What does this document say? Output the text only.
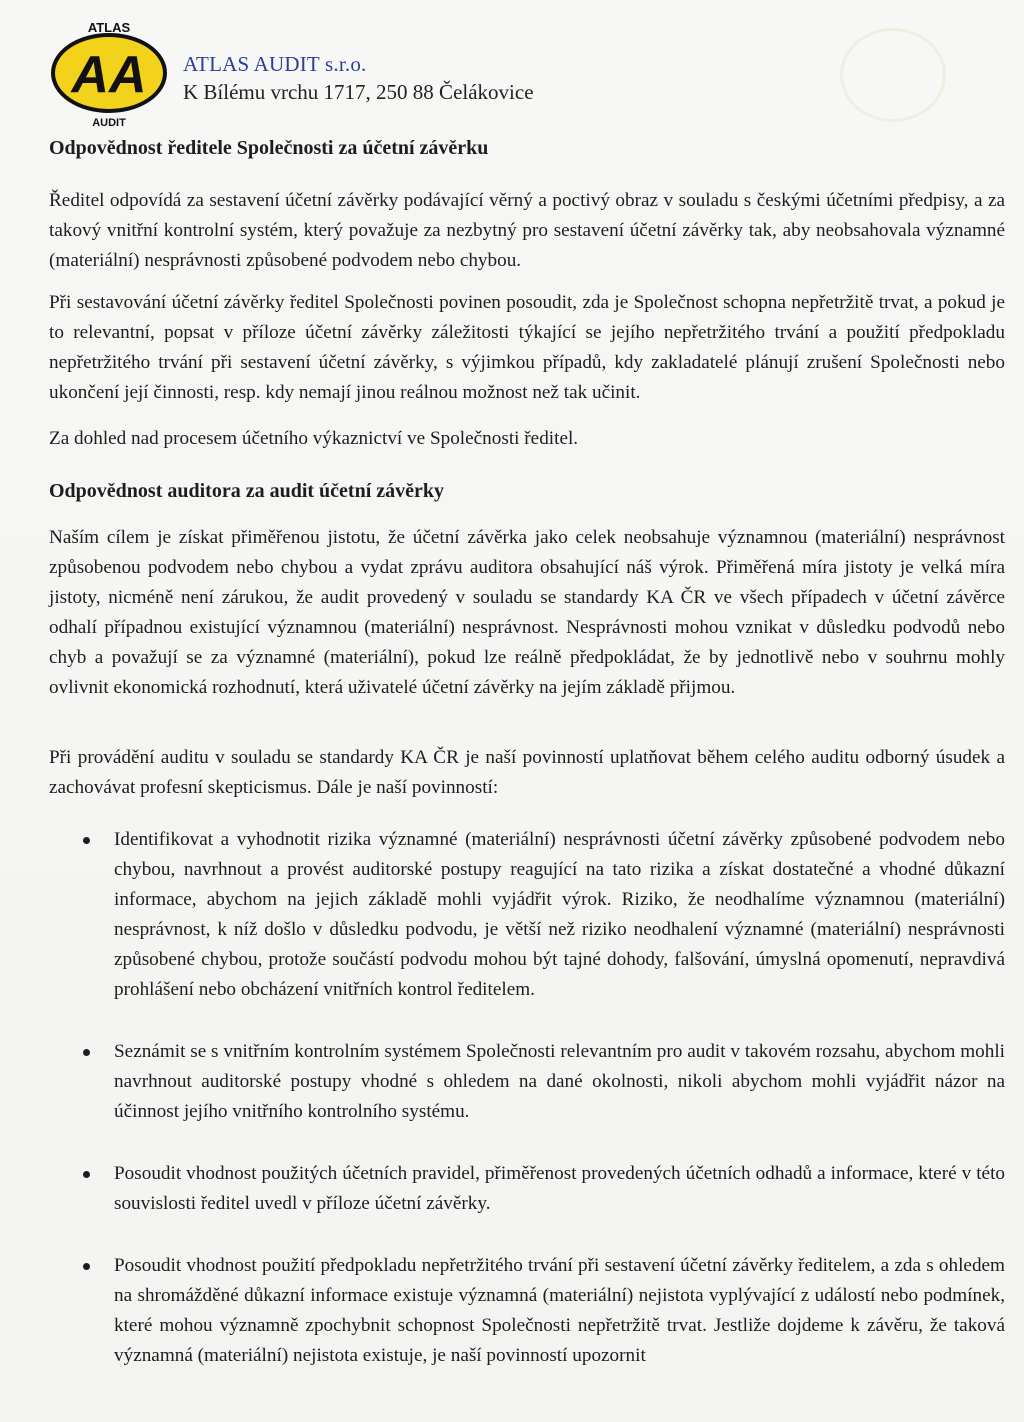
ATLAS
AA
AUDIT
ATLAS AUDIT s.r.o.
K Bílému vrchu 1717, 250 88 Čelákovice
Odpovědnost ředitele Společnosti za účetní závěrku
Ředitel odpovídá za sestavení účetní závěrky podávající věrný a poctivý obraz v souladu s českými účetními předpisy, a za takový vnitřní kontrolní systém, který považuje za nezbytný pro sestavení účetní závěrky tak, aby neobsahovala významné (materiální) nesprávnosti způsobené podvodem nebo chybou.
Při sestavování účetní závěrky ředitel Společnosti povinen posoudit, zda je Společnost schopna nepřetržitě trvat, a pokud je to relevantní, popsat v příloze účetní závěrky záležitosti týkající se jejího nepřetržitého trvání a použití předpokladu nepřetržitého trvání při sestavení účetní závěrky, s výjimkou případů, kdy zakladatelé plánují zrušení Společnosti nebo ukončení její činnosti, resp. kdy nemají jinou reálnou možnost než tak učinit.
Za dohled nad procesem účetního výkaznictví ve Společnosti ředitel.
Odpovědnost auditora za audit účetní závěrky
Naším cílem je získat přiměřenou jistotu, že účetní závěrka jako celek neobsahuje významnou (materiální) nesprávnost způsobenou podvodem nebo chybou a vydat zprávu auditora obsahující náš výrok. Přiměřená míra jistoty je velká míra jistoty, nicméně není zárukou, že audit provedený v souladu se standardy KA ČR ve všech případech v účetní závěrce odhalí případnou existující významnou (materiální) nesprávnost. Nesprávnosti mohou vznikat v důsledku podvodů nebo chyb a považují se za významné (materiální), pokud lze reálně předpokládat, že by jednotlivě nebo v souhrnu mohly ovlivnit ekonomická rozhodnutí, která uživatelé účetní závěrky na jejím základě přijmou.
Při provádění auditu v souladu se standardy KA ČR je naší povinností uplatňovat během celého auditu odborný úsudek a zachovávat profesní skepticismus. Dále je naší povinností:
Identifikovat a vyhodnotit rizika významné (materiální) nesprávnosti účetní závěrky způsobené podvodem nebo chybou, navrhnout a provést auditorské postupy reagující na tato rizika a získat dostatečné a vhodné důkazní informace, abychom na jejich základě mohli vyjádřit výrok. Riziko, že neodhalíme významnou (materiální) nesprávnost, k níž došlo v důsledku podvodu, je větší než riziko neodhalení významné (materiální) nesprávnosti způsobené chybou, protože součástí podvodu mohou být tajné dohody, falšování, úmyslná opomenutí, nepravdivá prohlášení nebo obcházení vnitřních kontrol ředitelem.
Seznámit se s vnitřním kontrolním systémem Společnosti relevantním pro audit v takovém rozsahu, abychom mohli navrhnout auditorské postupy vhodné s ohledem na dané okolnosti, nikoli abychom mohli vyjádřit názor na účinnost jejího vnitřního kontrolního systému.
Posoudit vhodnost použitých účetních pravidel, přiměřenost provedených účetních odhadů a informace, které v této souvislosti ředitel uvedl v příloze účetní závěrky.
Posoudit vhodnost použití předpokladu nepřetržitého trvání při sestavení účetní závěrky ředitelem, a zda s ohledem na shromážděné důkazní informace existuje významná (materiální) nejistota vyplývající z událostí nebo podmínek, které mohou významně zpochybnit schopnost Společnosti nepřetržitě trvat. Jestliže dojdeme k závěru, že taková významná (materiální) nejistota existuje, je naší povinností upozornit
